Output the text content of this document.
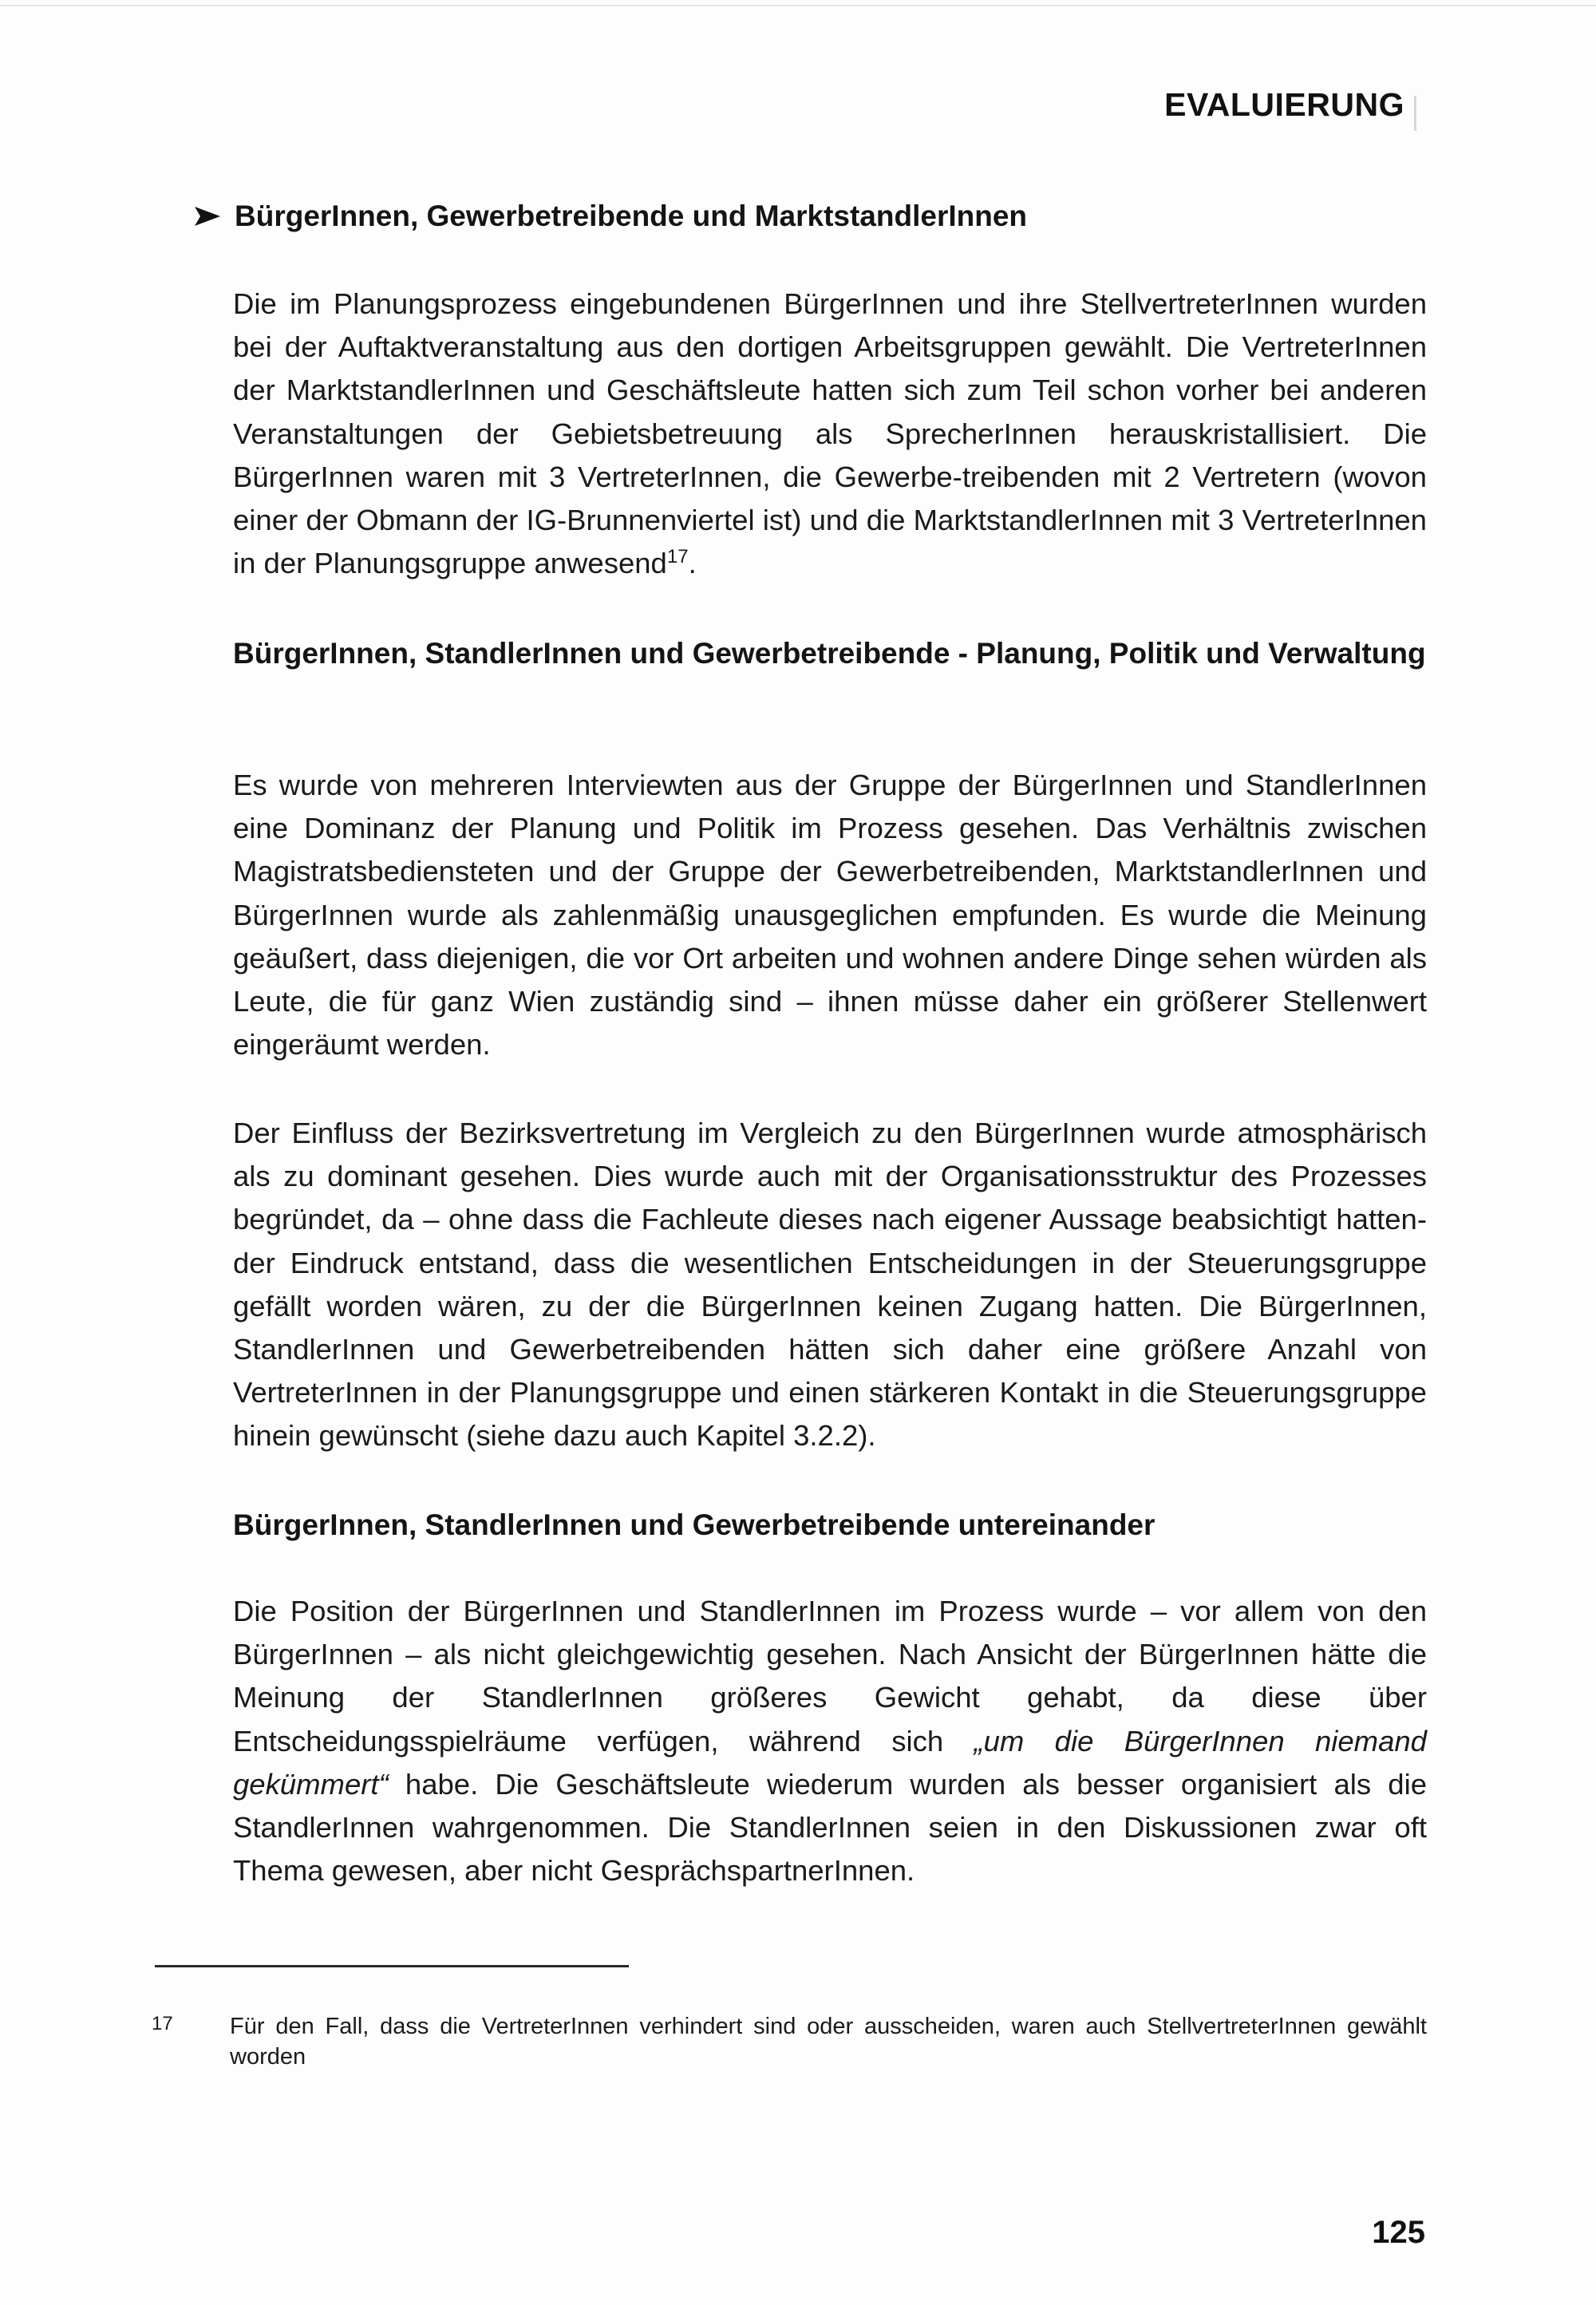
EVALUIERUNG
BürgerInnen, Gewerbetreibende und MarktstandlerInnen

Die im Planungsprozess eingebundenen BürgerInnen und ihre StellvertreterInnen wurden bei der Auftaktveranstaltung aus den dortigen Arbeitsgruppen gewählt. Die VertreterInnen der MarktstandlerInnen und Geschäftsleute hatten sich zum Teil schon vorher bei anderen Veranstaltungen der Gebietsbetreuung als SprecherInnen herauskristallisiert. Die BürgerInnen waren mit 3 VertreterInnen, die Gewerbe-treibenden mit 2 Vertretern (wovon einer der Obmann der IG-Brunnenviertel ist) und die MarktstandlerInnen mit 3 VertreterInnen in der Planungsgruppe anwesend$^{17}$.

BürgerInnen, StandlerInnen und Gewerbetreibende - Planung, Politik und Verwaltung

Es wurde von mehreren Interviewten aus der Gruppe der BürgerInnen und StandlerInnen eine Dominanz der Planung und Politik im Prozess gesehen. Das Verhältnis zwischen Magistratsbediensteten und der Gruppe der Gewerbetreibenden, MarktstandlerInnen und BürgerInnen wurde als zahlenmäßig unausgeglichen empfunden. Es wurde die Meinung geäußert, dass diejenigen, die vor Ort arbeiten und wohnen andere Dinge sehen würden als Leute, die für ganz Wien zuständig sind – ihnen müsse daher ein größerer Stellenwert eingeräumt werden.

Der Einfluss der Bezirksvertretung im Vergleich zu den BürgerInnen wurde atmosphärisch als zu dominant gesehen. Dies wurde auch mit der Organisationsstruktur des Prozesses begründet, da – ohne dass die Fachleute dieses nach eigener Aussage beabsichtigt hatten- der Eindruck entstand, dass die wesentlichen Entscheidungen in der Steuerungsgruppe gefällt worden wären, zu der die BürgerInnen keinen Zugang hatten. Die BürgerInnen, StandlerInnen und Gewerbetreibenden hätten sich daher eine größere Anzahl von VertreterInnen in der Planungsgruppe und einen stärkeren Kontakt in die Steuerungsgruppe hinein gewünscht (siehe dazu auch Kapitel 3.2.2).

BürgerInnen, StandlerInnen und Gewerbetreibende untereinander

Die Position der BürgerInnen und StandlerInnen im Prozess wurde – vor allem von den BürgerInnen – als nicht gleichgewichtig gesehen. Nach Ansicht der BürgerInnen hätte die Meinung der StandlerInnen größeres Gewicht gehabt, da diese über Entscheidungsspielräume verfügen, während sich „um die BürgerInnen niemand gekümmert“ habe. Die Geschäftsleute wiederum wurden als besser organisiert als die StandlerInnen wahrgenommen. Die StandlerInnen seien in den Diskussionen zwar oft Thema gewesen, aber nicht GesprächspartnerInnen.

17 Für den Fall, dass die VertreterInnen verhindert sind oder ausscheiden, waren auch StellvertreterInnen gewählt worden
125
